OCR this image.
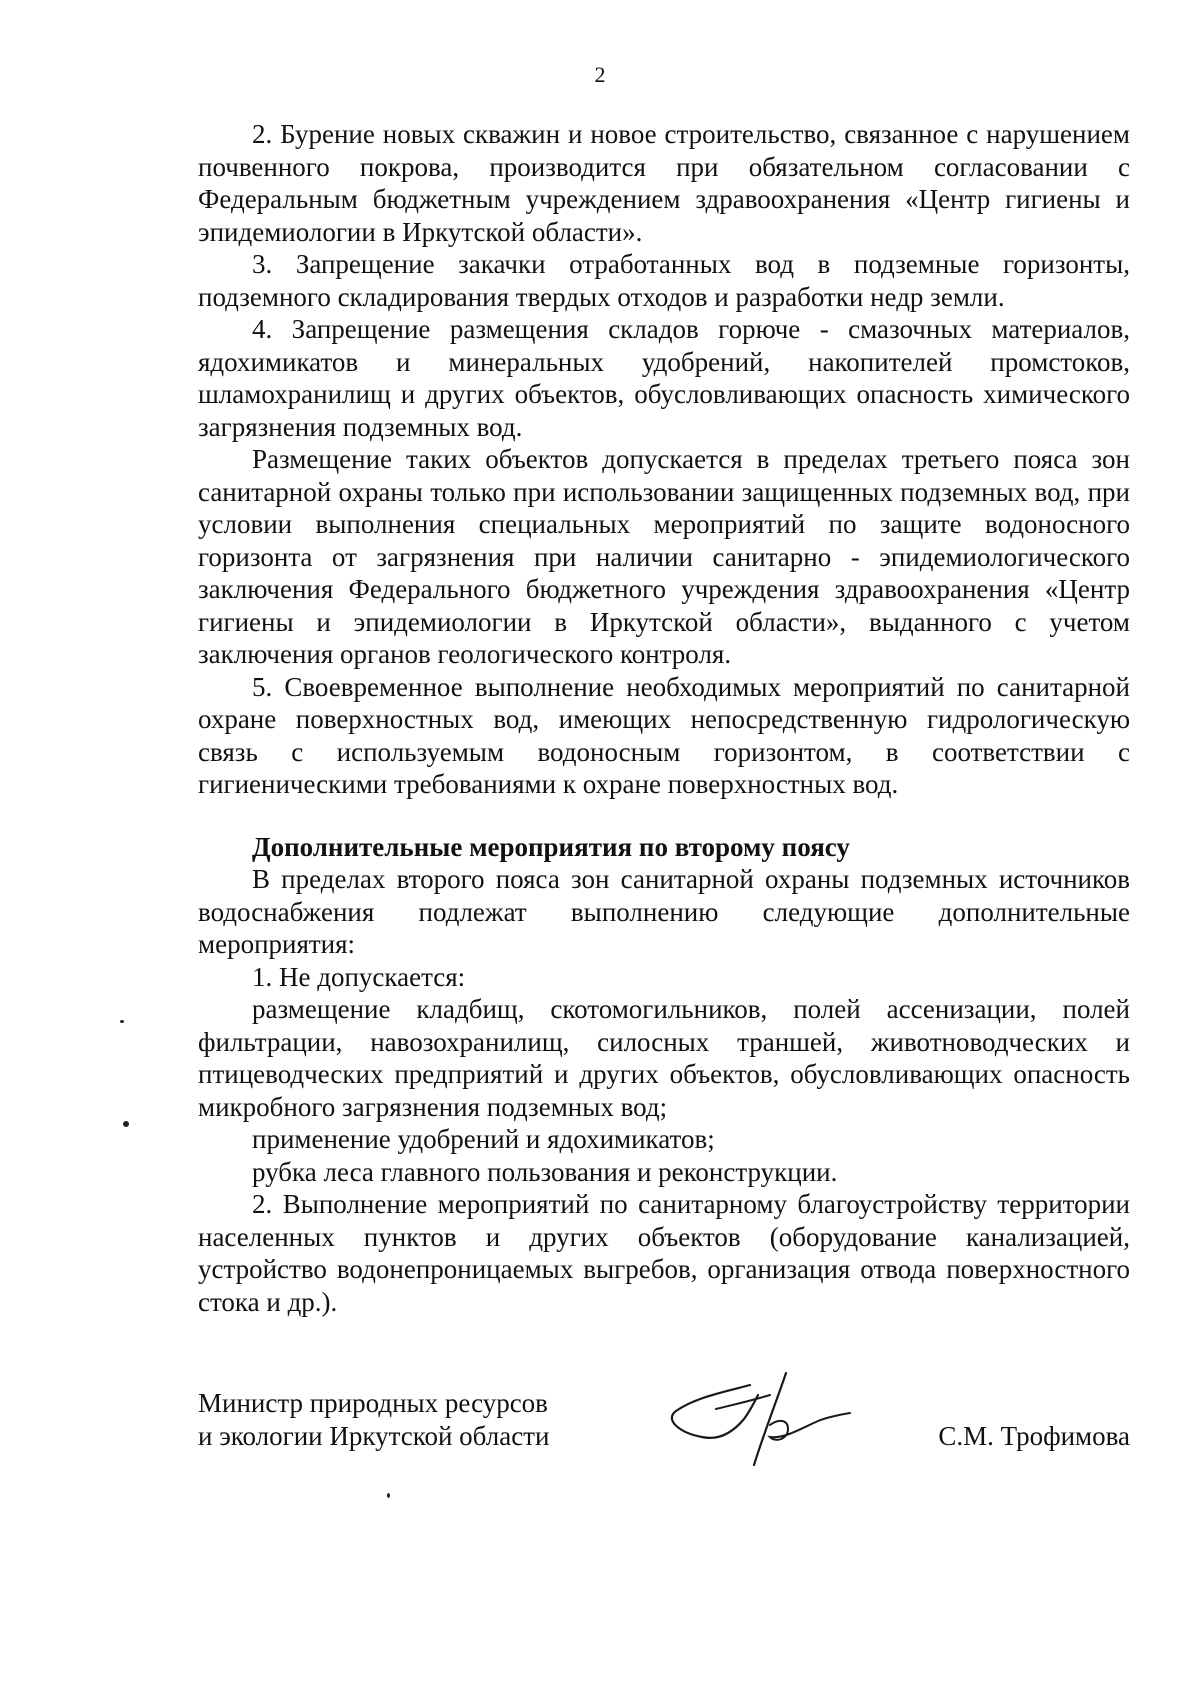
2

2. Бурение новых скважин и новое строительство, связанное с нарушением почвенного покрова, производится при обязательном согласовании с Федеральным бюджетным учреждением здравоохранения «Центр гигиены и эпидемиологии в Иркутской области».

3. Запрещение закачки отработанных вод в подземные горизонты, подземного складирования твердых отходов и разработки недр земли.

4. Запрещение размещения складов горюче - смазочных материалов, ядохимикатов и минеральных удобрений, накопителей промстоков, шламохранилищ и других объектов, обусловливающих опасность химического загрязнения подземных вод.

Размещение таких объектов допускается в пределах третьего пояса зон санитарной охраны только при использовании защищенных подземных вод, при условии выполнения специальных мероприятий по защите водоносного горизонта от загрязнения при наличии санитарно - эпидемиологического заключения Федерального бюджетного учреждения здравоохранения «Центр гигиены и эпидемиологии в Иркутской области», выданного с учетом заключения органов геологического контроля.

5. Своевременное выполнение необходимых мероприятий по санитарной охране поверхностных вод, имеющих непосредственную гидрологическую связь с используемым водоносным горизонтом, в соответствии с гигиеническими требованиями к охране поверхностных вод.

Дополнительные мероприятия по второму поясу

В пределах второго пояса зон санитарной охраны подземных источников водоснабжения подлежат выполнению следующие дополнительные мероприятия:

1. Не допускается:

размещение кладбищ, скотомогильников, полей ассенизации, полей фильтрации, навозохранилищ, силосных траншей, животноводческих и птицеводческих предприятий и других объектов, обусловливающих опасность микробного загрязнения подземных вод;

применение удобрений и ядохимикатов;

рубка леса главного пользования и реконструкции.

2. Выполнение мероприятий по санитарному благоустройству территории населенных пунктов и других объектов (оборудование канализацией, устройство водонепроницаемых выгребов, организация отвода поверхностного стока и др.).

Министр природных ресурсов
и экологии Иркутской области	С.М. Трофимова
